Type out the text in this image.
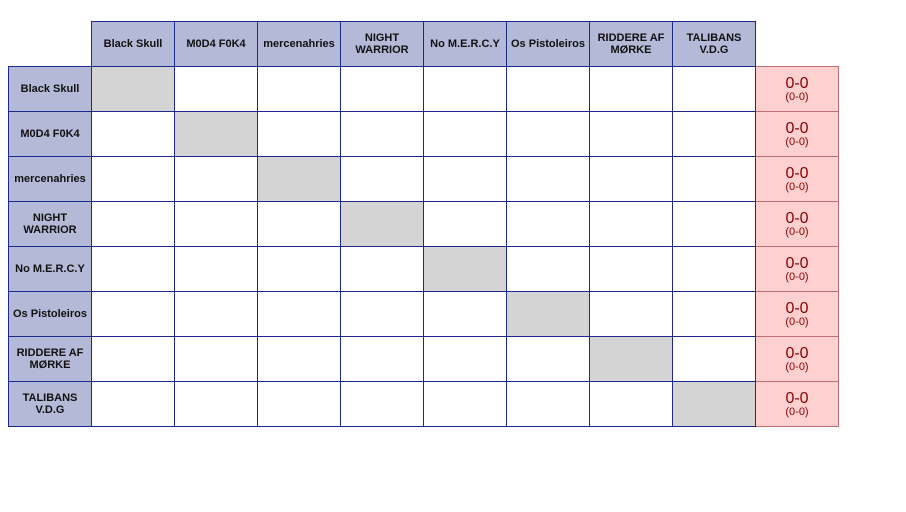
	Black Skull	M0D4 F0K4	mercenahries	NIGHT
WARRIOR	No M.E.R.C.Y	Os Pistoleiros	RIDDERE AF
MØRKE	TALIBANS
V.D.G	
Black Skull									0-0
(0-0)

M0D4 F0K4									0-0
(0-0)

mercenahries									0-0
(0-0)

NIGHT
WARRIOR									0-0
(0-0)

No M.E.R.C.Y									0-0
(0-0)

Os Pistoleiros									0-0
(0-0)

RIDDERE AF
MØRKE									0-0
(0-0)

TALIBANS
V.D.G									0-0
(0-0)
